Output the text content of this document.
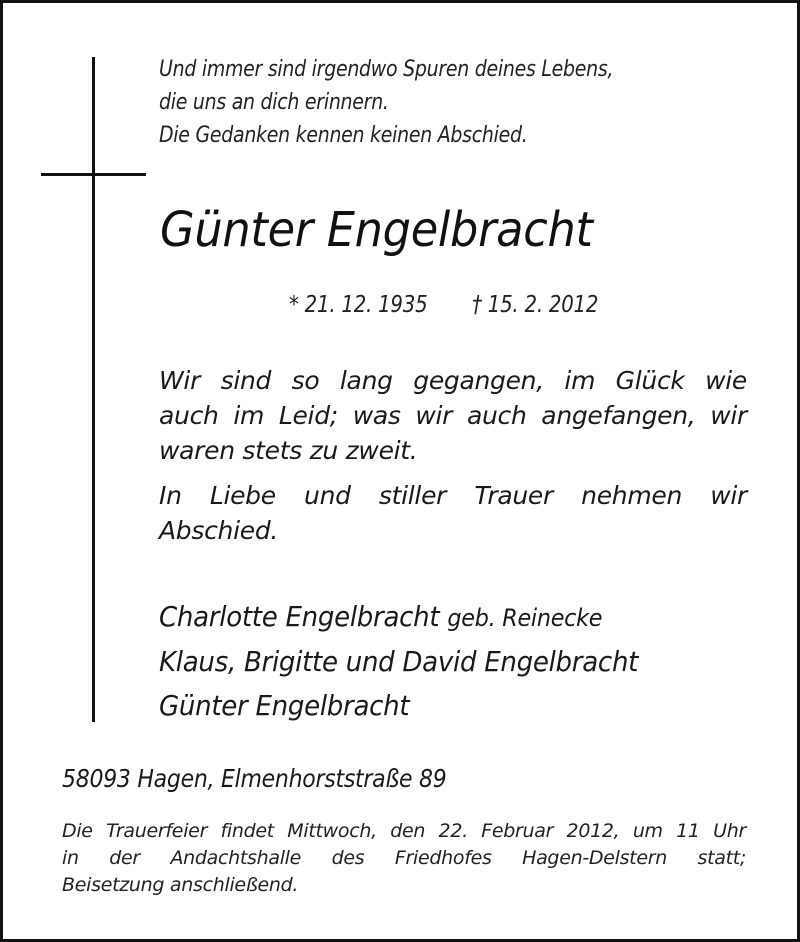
Und immer sind irgendwo Spuren deines Lebens,
die uns an dich erinnern.
Die Gedanken kennen keinen Abschied.
Günter Engelbracht
* 21. 12. 1935 † 15. 2. 2012

Wir sind so lang gegangen, im Glück wie
auch im Leid; was wir auch angefangen, wir
waren stets zu zweit.

In Liebe und stiller Trauer nehmen wir
Abschied.

Charlotte Engelbracht geb. Reinecke
Klaus, Brigitte und David Engelbracht
Günter Engelbracht
58093 Hagen, Elmenhorststraße 89
Die Trauerfeier findet Mittwoch, den 22. Februar 2012, um 11 Uhr
in der Andachtshalle des Friedhofes Hagen-Delstern statt;
Beisetzung anschließend.
